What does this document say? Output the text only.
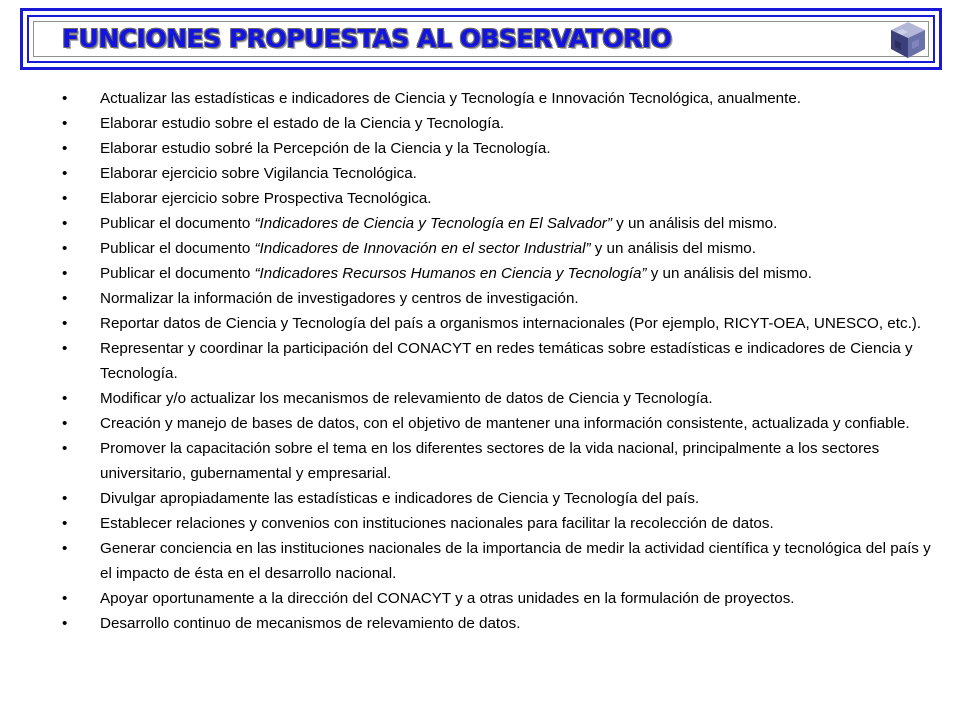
FUNCIONES PROPUESTAS AL OBSERVATORIO
• Actualizar las estadísticas e indicadores de Ciencia y Tecnología e Innovación Tecnológica, anualmente.
• Elaborar estudio sobre el estado de la Ciencia y Tecnología.
• Elaborar estudio sobré la Percepción de la Ciencia y la Tecnología.
• Elaborar ejercicio sobre Vigilancia Tecnológica.
• Elaborar ejercicio sobre Prospectiva Tecnológica.
• Publicar el documento “Indicadores de Ciencia y Tecnología en El Salvador” y un análisis del mismo.
• Publicar el documento “Indicadores de Innovación en el sector Industrial” y un análisis del mismo.
• Publicar el documento “Indicadores Recursos Humanos en Ciencia y Tecnología” y un análisis del mismo.
• Normalizar la información de investigadores y centros de investigación.
• Reportar datos de Ciencia y Tecnología del país a organismos internacionales (Por ejemplo, RICYT-OEA, UNESCO, etc.).
• Representar y coordinar la participación del CONACYT en redes temáticas sobre estadísticas e indicadores de Ciencia y Tecnología.
• Modificar y/o actualizar los mecanismos de relevamiento de datos de Ciencia y Tecnología.
• Creación y manejo de bases de datos, con el objetivo de mantener una información consistente, actualizada y confiable.
• Promover la capacitación sobre el tema en los diferentes sectores de la vida nacional, principalmente a los sectores universitario, gubernamental y empresarial.
• Divulgar apropiadamente las estadísticas e indicadores de Ciencia y Tecnología del país.
• Establecer relaciones y convenios con instituciones nacionales para facilitar la recolección de datos.
• Generar conciencia en las instituciones nacionales de la importancia de medir la actividad científica y tecnológica del país y el impacto de ésta en el desarrollo nacional.
• Apoyar oportunamente a la dirección del CONACYT y a otras unidades en la formulación de proyectos.
• Desarrollo continuo de mecanismos de relevamiento de datos.
